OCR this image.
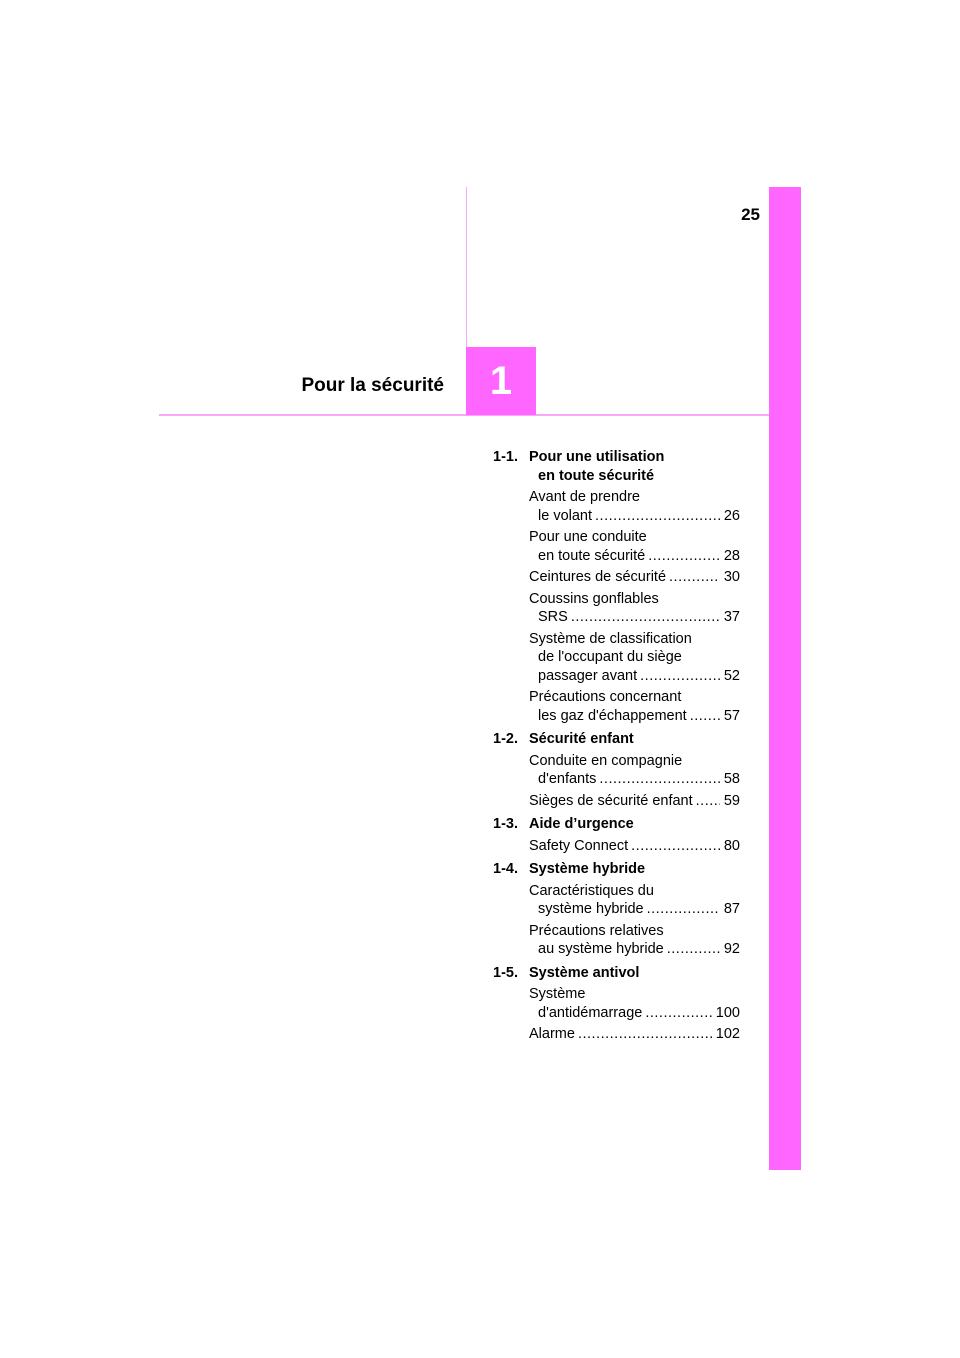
25

1
Pour la sécurité
1-1. Pour une utilisation
en toute sécurité
Avant de prendre
le volant .....	26
Pour une conduite
en toute sécurité .....	28
Ceintures de sécurité .....	30
Coussins gonflables
SRS .....	37
Système de classification
de l'occupant du siège
passager avant .....	52
Précautions concernant
les gaz d'échappement .....	57
1-2. Sécurité enfant
Conduite en compagnie
d'enfants .....	58
Sièges de sécurité enfant ..... 59
1-3. Aide d’urgence
Safety Connect .....	80
1-4. Système hybride
Caractéristiques du
système hybride .....	87
Précautions relatives
au système hybride .....	92
1-5. Système antivol
Système
d'antidémarrage .....	100
Alarme .....	102
